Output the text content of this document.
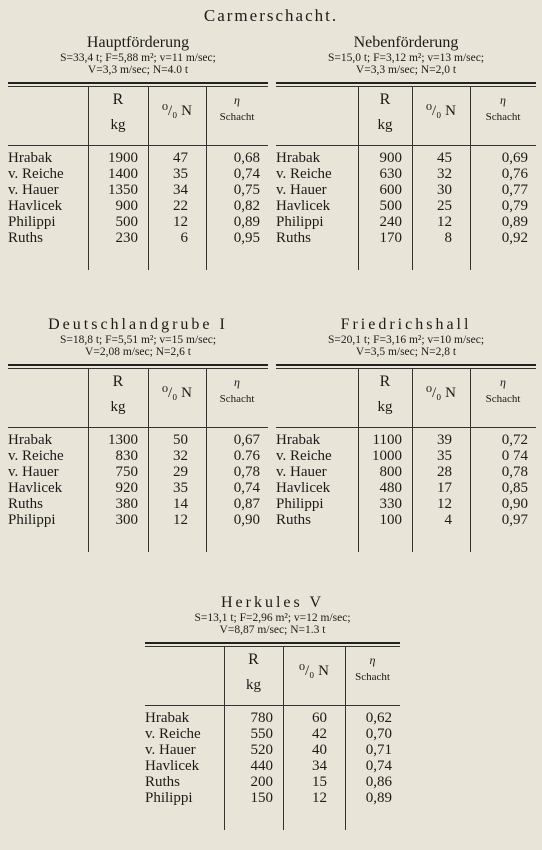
Carmerschacht.
Hauptförderung
S=33,4 t; F=5,88 m²; v=11 m/sec;
V=3,3 m/sec; N=4.0 t
R
kg
⁰/₀ N
η
Schacht
Hrabak	1900	47	0,68
v. Reiche	1400	35	0,74
v. Hauer	1350	34	0,75
Havlicek	900	22	0,82
Philippi	500	12	0,89
Ruths	230	6	0,95
Nebenförderung
S=15,0 t; F=3,12 m²; v=13 m/sec;
V=3,3 m/sec; N=2,0 t
R
kg
⁰/₀ N
η
Schacht
Hrabak	900	45	0,69
v. Reiche	630	32	0,76
v. Hauer	600	30	0,77
Havlicek	500	25	0,79
Philippi	240	12	0,89
Ruths	170	8	0,92
Deutschlandgrube I
S=18,8 t; F=5,51 m²; v=15 m/sec;
V=2,08 m/sec; N=2,6 t
R
kg
⁰/₀ N
η
Schacht
Hrabak	1300	50	0,67
v. Reiche	830	32	0.76
v. Hauer	750	29	0,78
Havlicek	920	35	0,74
Ruths	380	14	0,87
Philippi	300	12	0,90
Friedrichshall
S=20,1 t; F=3,16 m²; v=10 m/sec;
V=3,5 m/sec; N=2,8 t
R
kg
⁰/₀ N
η
Schacht
Hrabak	1100	39	0,72
v. Reiche	1000	35	0 74
v. Hauer	800	28	0,78
Havlicek	480	17	0,85
Philippi	330	12	0,90
Ruths	100	4	0,97
Herkules V
S=13,1 t; F=2,96 m²; v=12 m/sec;
V=8,87 m/sec; N=1.3 t
R
kg
⁰/₀ N
η
Schacht
Hrabak	780	60	0,62
v. Reiche	550	42	0,70
v. Hauer	520	40	0,71
Havlicek	440	34	0,74
Ruths	200	15	0,86
Philippi	150	12	0,89
